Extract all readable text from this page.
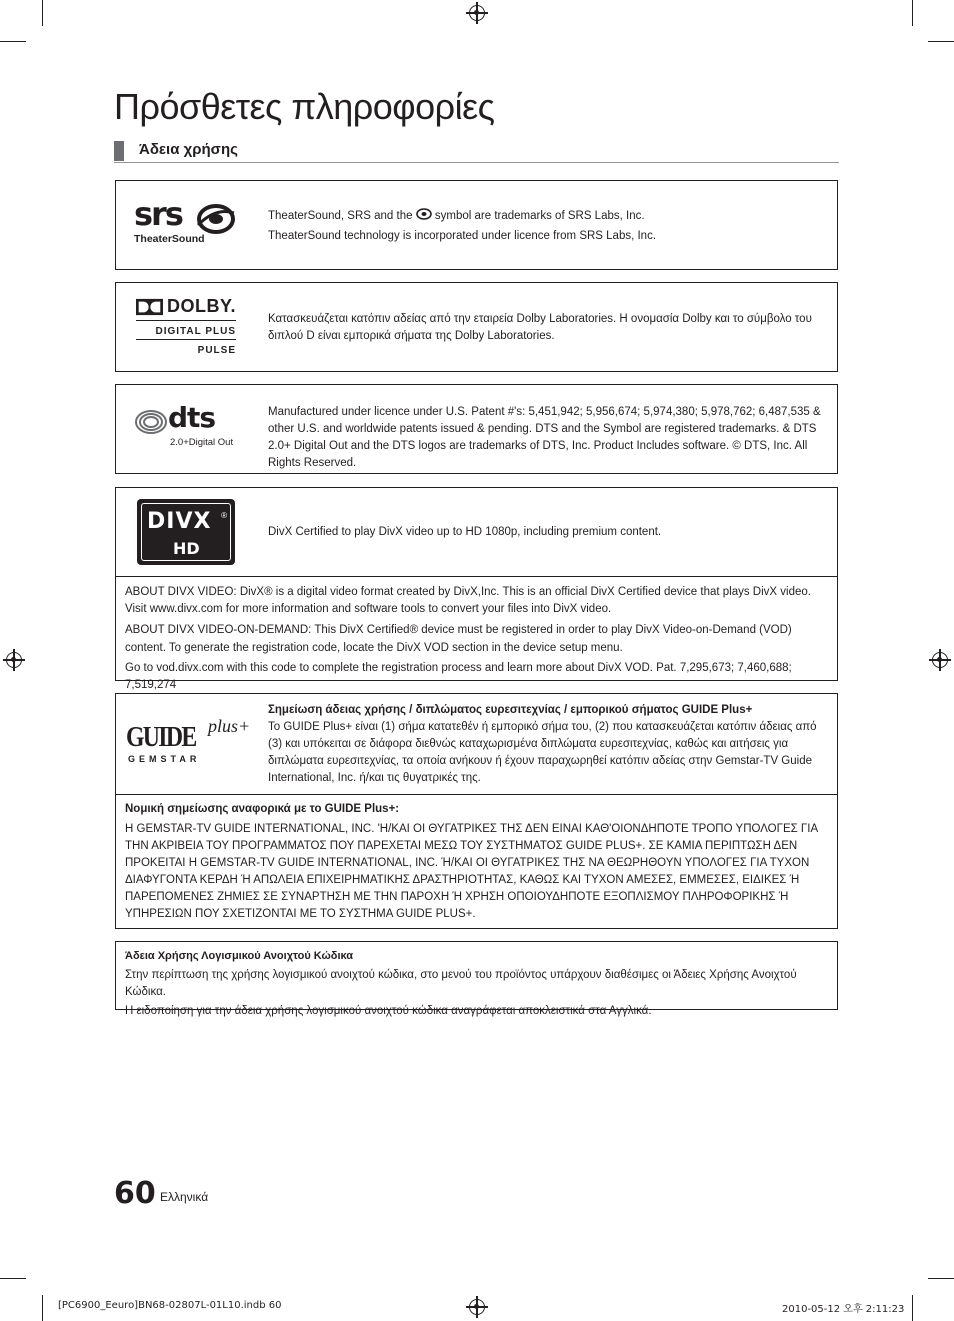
Πρόσθετες πληροφορίες
Άδεια χρήσης
srs
TheaterSound

TheaterSound, SRS and the symbol are trademarks of SRS Labs, Inc.

TheaterSound technology is incorporated under licence from SRS Labs, Inc.

DOLBY.
DIGITAL PLUS
PULSE
Κατασκευάζεται κατόπιν αδείας από την εταιρεία Dolby Laboratories. Η ονομασία Dolby και το σύμβολο του διπλού D είναι εμπορικά σήματα της Dolby Laboratories.
dts
2.0+Digital Out
Manufactured under licence under U.S. Patent #'s: 5,451,942; 5,956,674; 5,974,380; 5,978,762; 6,487,535 & other U.S. and worldwide patents issued & pending. DTS and the Symbol are registered trademarks. & DTS 2.0+ Digital Out and the DTS logos are trademarks of DTS, Inc. Product Includes software. © DTS, Inc. All Rights Reserved.
DIVX
HD
®
DivX Certified to play DivX video up to HD 1080p, including premium content.

ABOUT DIVX VIDEO: DivX® is a digital video format created by DivX,Inc. This is an official DivX Certified device that plays DivX video. Visit www.divx.com for more information and software tools to convert your files into DivX video.

ABOUT DIVX VIDEO-ON-DEMAND: This DivX Certified® device must be registered in order to play DivX Video-on-Demand (VOD) content. To generate the registration code, locate the DivX VOD section in the device setup menu.

Go to vod.divx.com with this code to complete the registration process and learn more about DivX VOD. Pat. 7,295,673; 7,460,688; 7,519,274

GUIDE plus+
GEMSTAR

Σημείωση άδειας χρήσης / διπλώματος ευρεσιτεχνίας / εμπορικού σήματος GUIDE Plus+

Το GUIDE Plus+ είναι (1) σήμα κατατεθέν ή εμπορικό σήμα του, (2) που κατασκευάζεται κατόπιν άδειας από (3) και υπόκειται σε διάφορα διεθνώς καταχωρισμένα διπλώματα ευρεσιτεχνίας, καθώς και αιτήσεις για διπλώματα ευρεσιτεχνίας, τα οποία ανήκουν ή έχουν παραχωρηθεί κατόπιν αδείας στην Gemstar-TV Guide International, Inc. ή/και τις θυγατρικές της.

Νομική σημείωσης αναφορικά με το GUIDE Plus+:

Η GEMSTAR-TV GUIDE INTERNATIONAL, INC. 'Η/ΚΑΙ ΟΙ ΘΥΓΑΤΡΙΚΕΣ ΤΗΣ ΔΕΝ ΕΙΝΑΙ ΚΑΘ'ΟΙΟΝΔΗΠΟΤΕ ΤΡΟΠΟ ΥΠΟΛΟΓΕΣ ΓΙΑ ΤΗΝ ΑΚΡΙΒΕΙΑ ΤΟΥ ΠΡΟΓΡΑΜΜΑΤΟΣ ΠΟΥ ΠΑΡΕΧΕΤΑΙ ΜΕΣΩ ΤΟΥ ΣΥΣΤΗΜΑΤΟΣ GUIDE PLUS+. ΣΕ ΚΑΜΙΑ ΠΕΡΙΠΤΩΣΗ ΔΕΝ ΠΡΟΚΕΙΤΑΙ Η GEMSTAR-TV GUIDE INTERNATIONAL, INC. Ή/ΚΑΙ ΟΙ ΘΥΓΑΤΡΙΚΕΣ ΤΗΣ ΝΑ ΘΕΩΡΗΘΟΥΝ ΥΠΟΛΟΓΕΣ ΓΙΑ ΤΥΧΟΝ ΔΙΑΦΥΓΟΝΤΑ ΚΕΡΔΗ Ή ΑΠΩΛΕΙΑ ΕΠΙΧΕΙΡΗΜΑΤΙΚΗΣ ΔΡΑΣΤΗΡΙΟΤΗΤΑΣ, ΚΑΘΩΣ ΚΑΙ ΤΥΧΟΝ ΑΜΕΣΕΣ, ΕΜΜΕΣΕΣ, ΕΙΔΙΚΕΣ Ή ΠΑΡΕΠΟΜΕΝΕΣ ΖΗΜΙΕΣ ΣΕ ΣΥΝΑΡΤΗΣΗ ΜΕ ΤΗΝ ΠΑΡΟΧΗ Ή ΧΡΗΣΗ ΟΠΟΙΟΥΔΗΠΟΤΕ ΕΞΟΠΛΙΣΜΟΥ ΠΛΗΡΟΦΟΡΙΚΗΣ Ή ΥΠΗΡΕΣΙΩΝ ΠΟΥ ΣΧΕΤΙΖΟΝΤΑΙ ΜΕ ΤΟ ΣΥΣΤΗΜΑ GUIDE PLUS+.

Άδεια Χρήσης Λογισμικού Ανοιχτού Κώδικα

Στην περίπτωση της χρήσης λογισμικού ανοιχτού κώδικα, στο μενού του προϊόντος υπάρχουν διαθέσιμες οι Άδειες Χρήσης Ανοιχτού Κώδικα.

Η ειδοποίηση για την άδεια χρήσης λογισμικού ανοιχτού κώδικα αναγράφεται αποκλειστικά στα Αγγλικά.

60 Ελληνικά
[PC6900_Eeuro]BN68-02807L-01L10.indb 60	2010-05-12 오후 2:11:23
